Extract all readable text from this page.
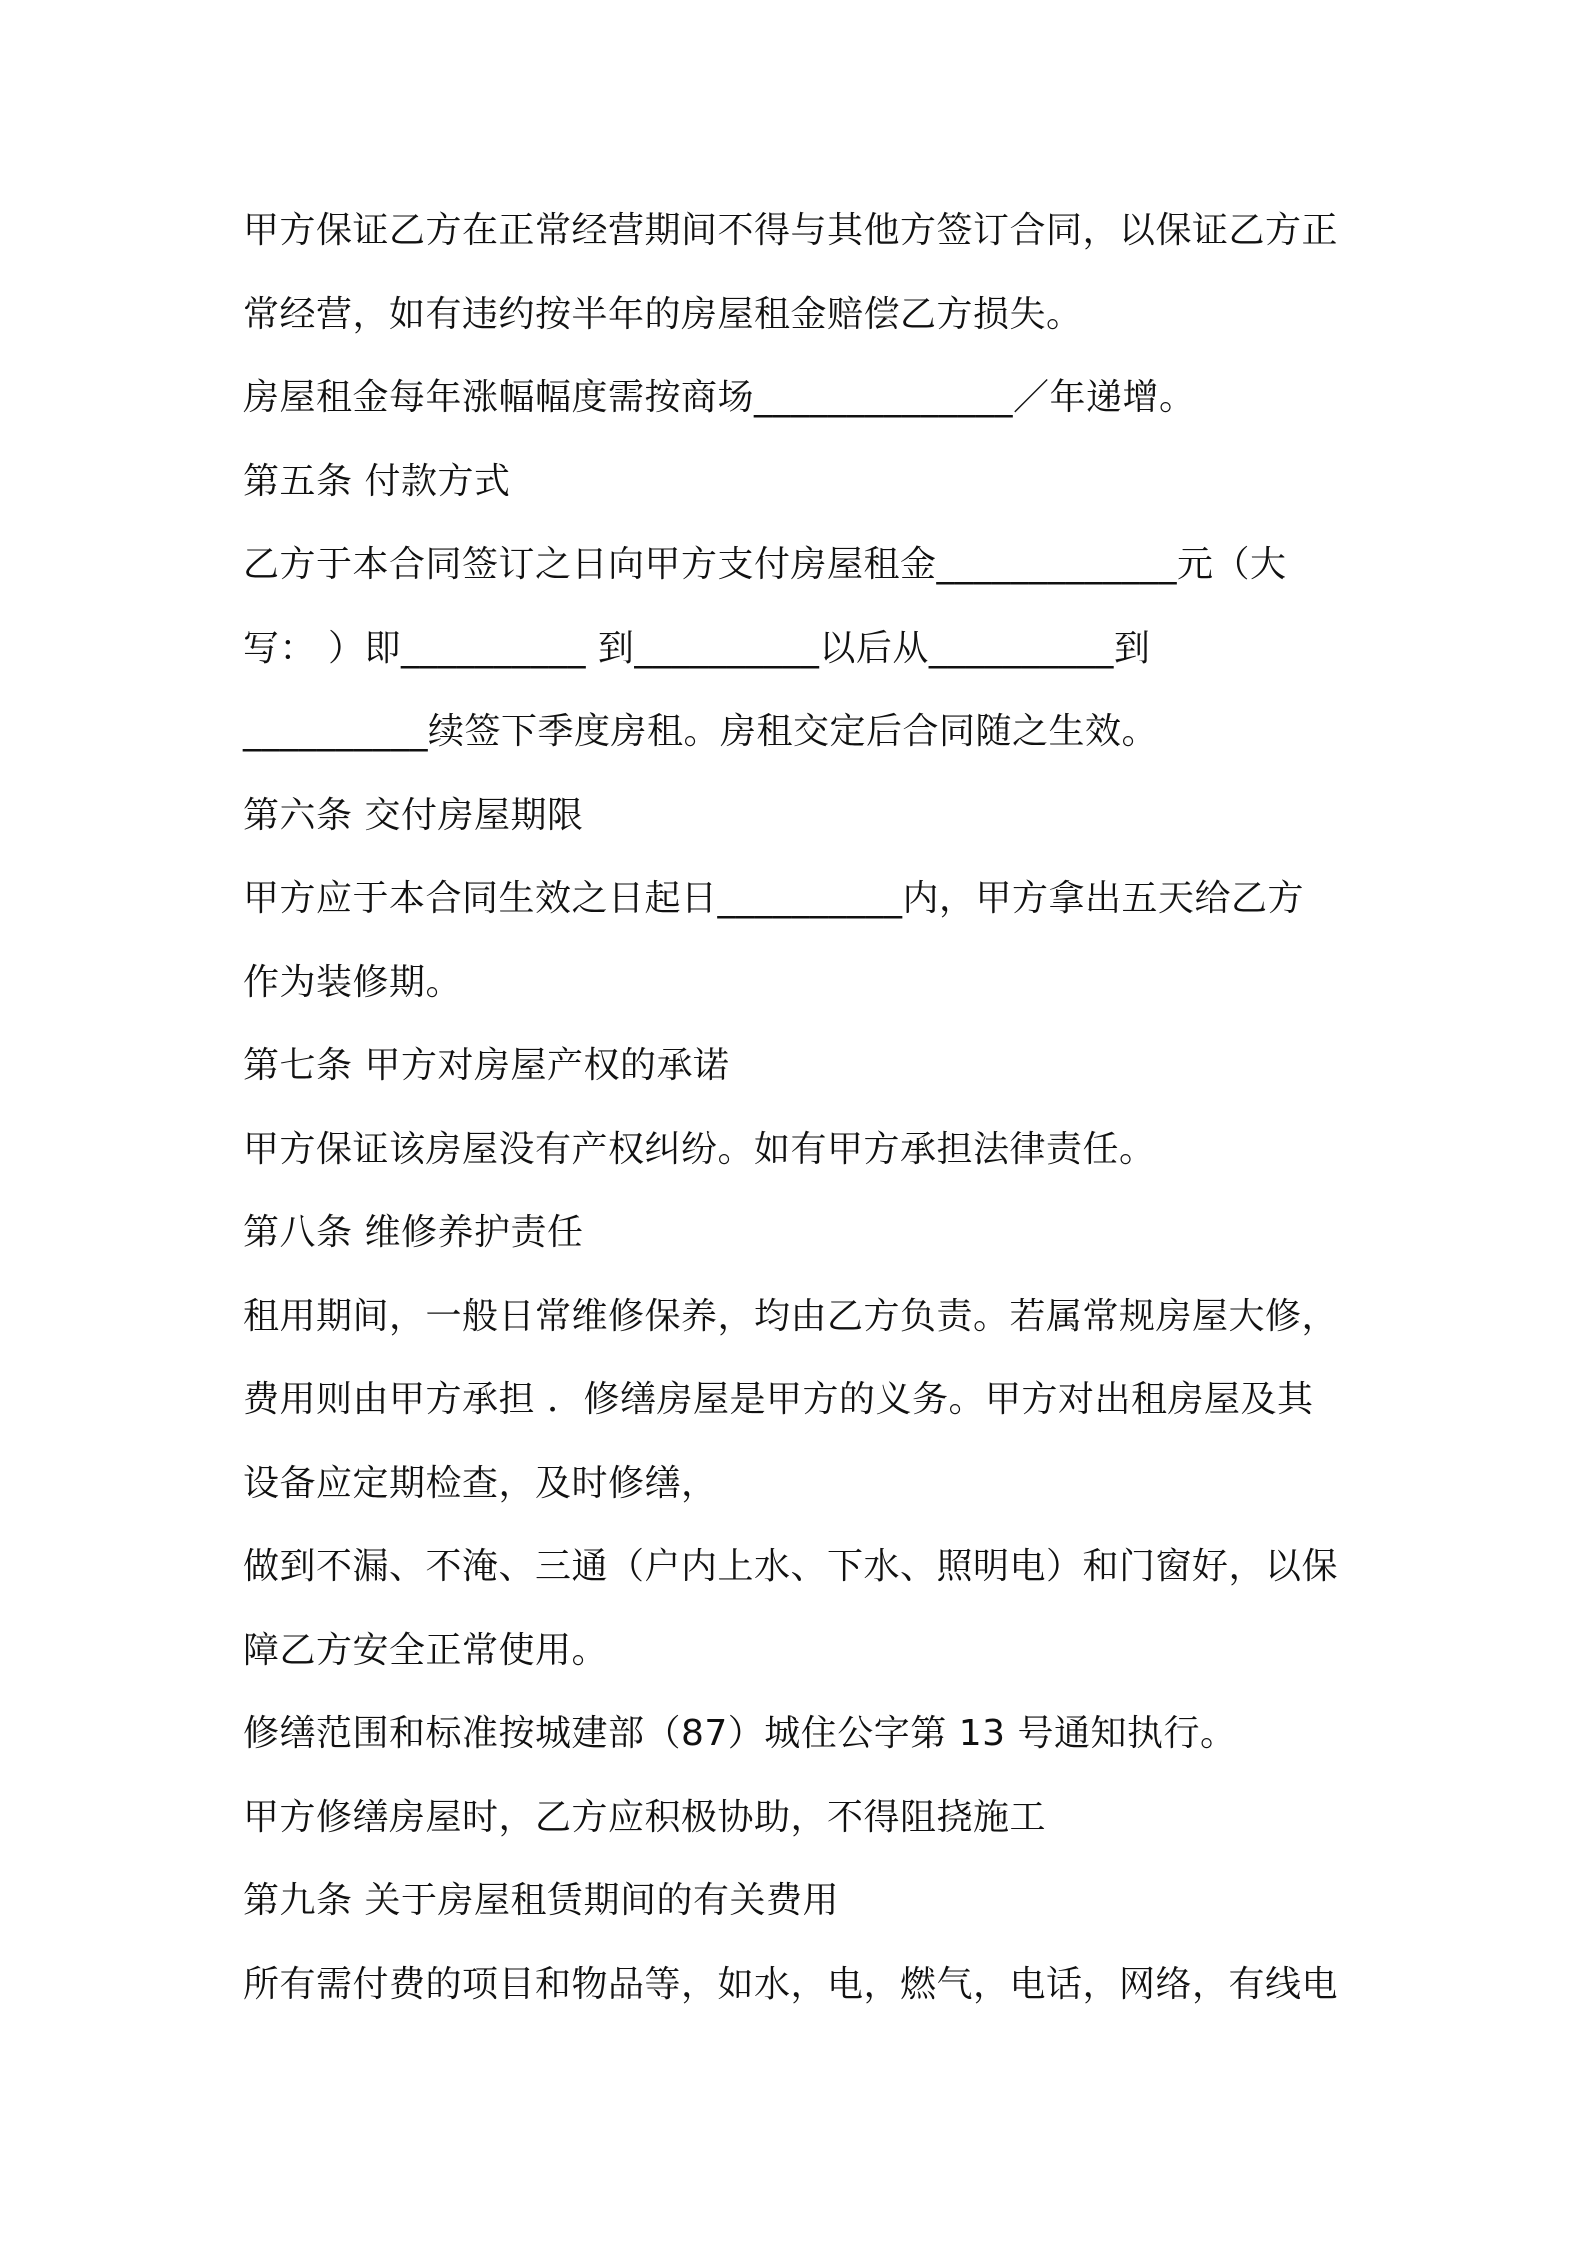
甲方保证乙方在正常经营期间不得与其他方签订合同，以保证乙方正
常经营，如有违约按半年的房屋租金赔偿乙方损失。
房屋租金每年涨幅幅度需按商场______________／年递增。
第五条 付款方式
乙方于本合同签订之日向甲方支付房屋租金_____________元（大
写： ）即__________ 到__________以后从__________到
__________续签下季度房租。房租交定后合同随之生效。
第六条 交付房屋期限
甲方应于本合同生效之日起日__________内，甲方拿出五天给乙方
作为装修期。
第七条 甲方对房屋产权的承诺
甲方保证该房屋没有产权纠纷。如有甲方承担法律责任。
第八条 维修养护责任
租用期间，一般日常维修保养，均由乙方负责。若属常规房屋大修，
费用则由甲方承担 ．修缮房屋是甲方的义务。甲方对出租房屋及其
设备应定期检查，及时修缮，
做到不漏、不淹、三通（户内上水、下水、照明电）和门窗好，以保
障乙方安全正常使用。
修缮范围和标准按城建部（87）城住公字第 13 号通知执行。
甲方修缮房屋时，乙方应积极协助，不得阻挠施工
第九条 关于房屋租赁期间的有关费用
所有需付费的项目和物品等，如水，电，燃气，电话，网络，有线电
